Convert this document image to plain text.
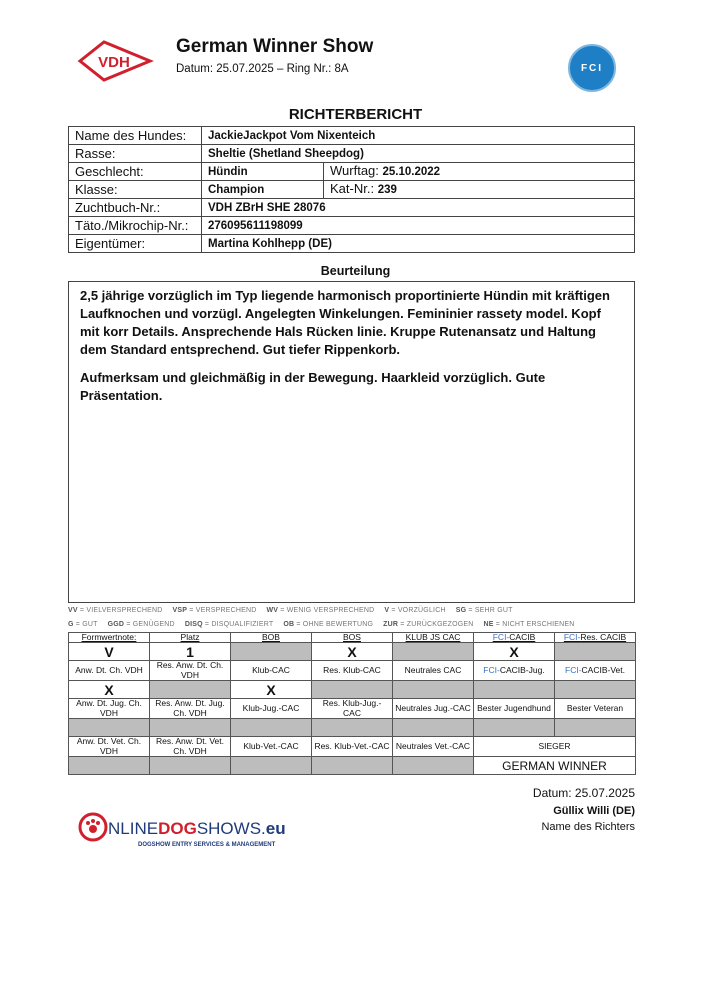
VDH
German Winner Show
Datum: 25.07.2025 – Ring Nr.: 8A	FCI
RICHTERBERICHT
Name des Hundes:	JackieJackpot Vom Nixenteich	
Rasse:	Sheltie (Shetland Sheepdog)	
Geschlecht:	Hündin	Wurftag: 25.10.2022
Klasse:	Champion	Kat-Nr.: 239
Zuchtbuch-Nr.:	VDH ZBrH SHE 28076	
Täto./Mikrochip-Nr.:	276095611198099	
Eigentümer:	Martina Kohlhepp (DE)	
Beurteilung

2,5 jährige vorzüglich im Typ liegende harmonisch proportinierte Hündin mit kräftigen Laufknochen und vorzügl. Angelegten Winkelungen. Femininier rassety model. Kopf mit korr Details. Ansprechende Hals Rücken linie. Kruppe Rutenansatz und Haltung dem Standard entsprechend. Gut tiefer Rippenkorb.

Aufmerksam und gleichmäßig in der Bewegung. Haarkleid vorzüglich. Gute Präsentation.

VV = VIELVERSPRECHEND VSP = VERSPRECHEND WV = WENIG VERSPRECHEND V = VORZÜGLICH SG = SEHR GUT
G = GUT GGD = GENÜGEND DISQ = DISQUALIFIZIERT OB = OHNE BEWERTUNG ZUR = ZURÜCKGEZOGEN NE = NICHT ERSCHIENEN
Formwertnote:	Platz	BOB	BOS	KLUB JS CAC	FCI-CACIB	FCI-Res. CACIB
V	1		X		X	
Anw. Dt. Ch. VDH	Res. Anw. Dt. Ch. VDH	Klub-CAC	Res. Klub-CAC	Neutrales CAC	FCI-CACIB-Jug.	FCI-CACIB-Vet.
X		X				
Anw. Dt. Jug. Ch. VDH	Res. Anw. Dt. Jug. Ch. VDH	Klub-Jug.-CAC	Res. Klub-Jug.-CAC	Neutrales Jug.-CAC	Bester Jugendhund	Bester Veteran

Anw. Dt. Vet. Ch. VDH	Res. Anw. Dt. Vet. Ch. VDH	Klub-Vet.-CAC	Res. Klub-Vet.-CAC	Neutrales Vet.-CAC	SIEGER	
					GERMAN WINNER	
Datum: 25.07.2025
Güllix Willi (DE)
Name des Richters
NLINEDOGSHOWS.eu
DOGSHOW ENTRY SERVICES & MANAGEMENT
